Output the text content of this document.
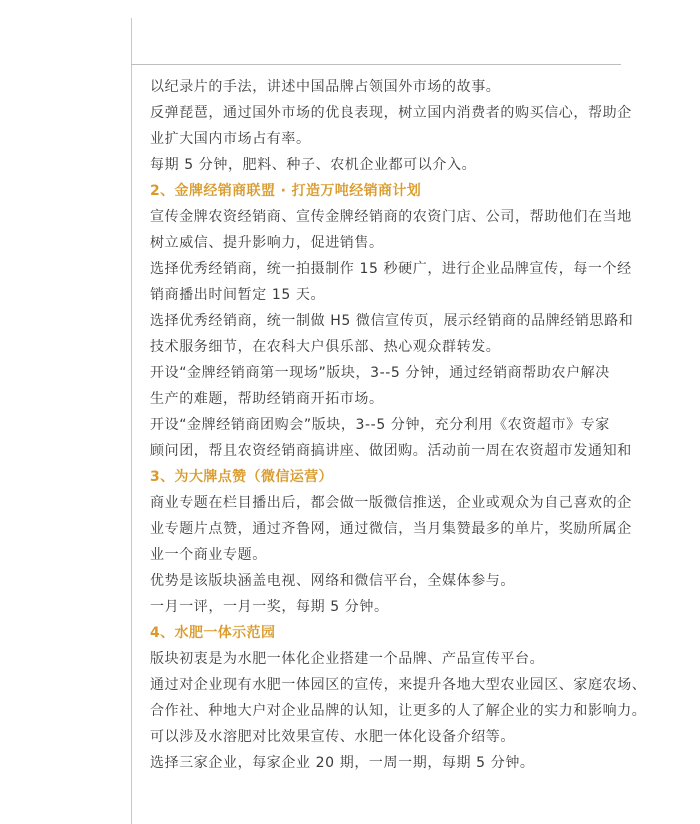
以纪录片的手法，讲述中国品牌占领国外市场的故事。
反弹琵琶，通过国外市场的优良表现，树立国内消费者的购买信心，帮助企
业扩大国内市场占有率。
每期 5 分钟，肥料、种子、农机企业都可以介入。
2、金牌经销商联盟 · 打造万吨经销商计划
宣传金牌农资经销商、宣传金牌经销商的农资门店、公司，帮助他们在当地
树立威信、提升影响力，促进销售。
选择优秀经销商，统一拍摄制作 15 秒硬广，进行企业品牌宣传，每一个经
销商播出时间暂定 15 天。
选择优秀经销商，统一制做 H5 微信宣传页，展示经销商的品牌经销思路和
技术服务细节，在农科大户俱乐部、热心观众群转发。
开设“金牌经销商第一现场”版块，3--5 分钟，通过经销商帮助农户解决
生产的难题，帮助经销商开拓市场。
开设“金牌经销商团购会”版块，3--5 分钟，充分利用《农资超市》专家
顾问团，帮且农资经销商搞讲座、做团购。活动前一周在农资超市发通知和
3、为大牌点赞（微信运营）
商业专题在栏目播出后，都会做一版微信推送，企业或观众为自己喜欢的企
业专题片点赞，通过齐鲁网，通过微信，当月集赞最多的单片，奖励所属企
业一个商业专题。
优势是该版块涵盖电视、网络和微信平台，全媒体参与。
一月一评，一月一奖，每期 5 分钟。
4、水肥一体示范园
版块初衷是为水肥一体化企业搭建一个品牌、产品宣传平台。
通过对企业现有水肥一体园区的宣传，来提升各地大型农业园区、家庭农场、
合作社、种地大户对企业品牌的认知，让更多的人了解企业的实力和影响力。
可以涉及水溶肥对比效果宣传、水肥一体化设备介绍等。
选择三家企业，每家企业 20 期，一周一期，每期 5 分钟。
